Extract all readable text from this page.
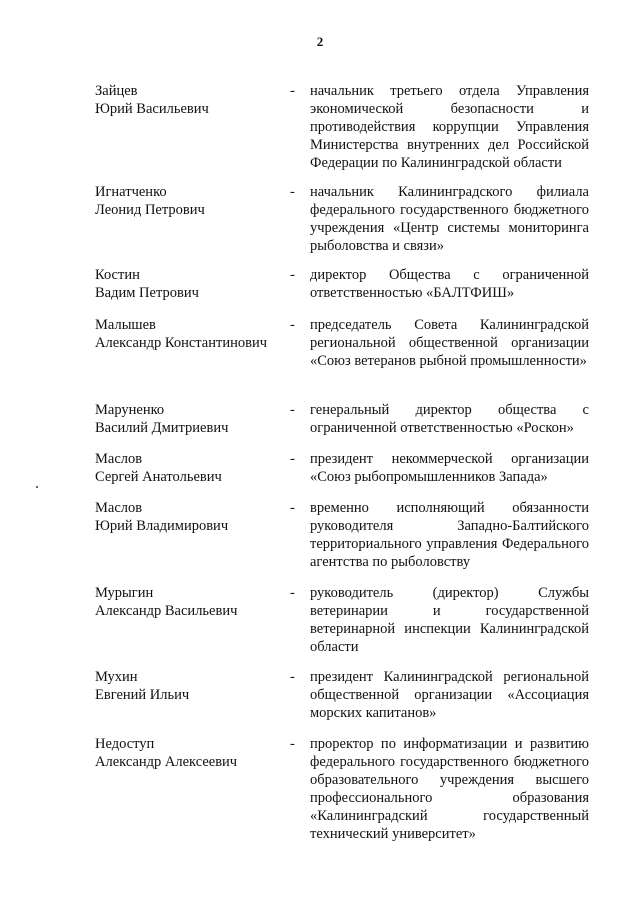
2
Зайцев
Юрий Васильевич
- начальник третьего отдела Управления экономической безопасности и противодействия коррупции Управления Министерства внутренних дел Российской Федерации по Калининградской области
Игнатченко
Леонид Петрович
- начальник Калининградского филиала федерального государственного бюджетного учреждения «Центр системы мониторинга рыболовства и связи»
Костин
Вадим Петрович
- директор Общества с ограниченной ответственностью «БАЛТФИШ»
Малышев
Александр Константинович
- председатель Совета Калининградской региональной общественной организации «Союз ветеранов рыбной промышленности»
Маруненко
Василий Дмитриевич
- генеральный директор общества с ограниченной ответственностью «Роскон»
Маслов
Сергей Анатольевич
- президент некоммерческой организации «Союз рыбопромышленников Запада»
Маслов
Юрий Владимирович
- временно исполняющий обязанности руководителя Западно-Балтийского территориального управления Федерального агентства по рыболовству
Мурыгин
Александр Васильевич
- руководитель (директор) Службы ветеринарии и государственной ветеринарной инспекции Калининградской области
Мухин
Евгений Ильич
- президент Калининградской региональной общественной организации «Ассоциация морских капитанов»
Недоступ
Александр Алексеевич
- проректор по информатизации и развитию федерального государственного бюджетного образовательного учреждения высшего профессионального образования «Калининградский государственный технический университет»
